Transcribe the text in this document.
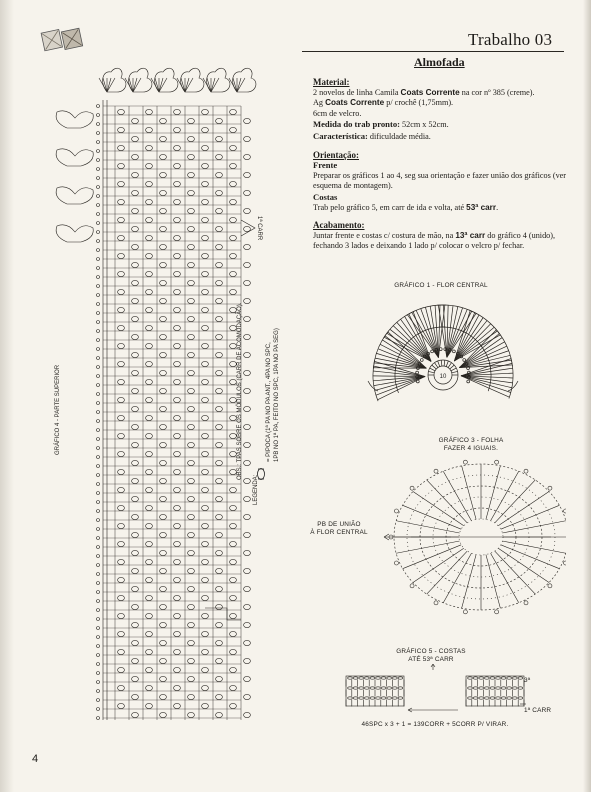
Trabalho 03
Almofada

Material:

2 novelos de linha Camila Coats Corrente na cor nº 385 (creme).

Ag Coats Corrente p/ crochê (1,75mm).

6cm de velcro.

Medida do trab pronto: 52cm x 52cm.

Característica: dificuldade média.

Orientação:

Frente

Preparar os gráficos 1 ao 4, seg sua orientação e fazer união dos gráficos (ver esquema de montagem).

Costas

Trab pelo gráfico 5, em carr de ida e volta, até 53ª carr.

Acabamento:

Juntar frente e costas c/ costura de mão, na 13ª carr do gráfico 4 (unido), fechando 3 lados e deixando 1 lado p/ colocar o velcro p/ fechar.

GRÁFICO 1 - FLOR CENTRAL
10
GRÁFICO 3 - FOLHA
FAZER 4 IGUAIS.
PB DE UNIÃO
À FLOR CENTRAL
GRÁFICO 5 - COSTAS
ATÉ 53ª CARR
3ª
1ª CARR
46SPC x 3 + 1 = 139CORR + 5CORR P/ VIRAR.
GRÁFICO 4 - PARTE SUPERIOR
1ª CARR
OBS.: TPAS SOBRE OS MÓDULOS (CARR DE ACOMODAÇÃO).
LEGENDA:
= PIPOCA (1ª PA NO PA ANT., 4PA NO SPC, 1PB NO 1ª PA, FEITO NO SPC, 1PA NO PA SEG)
4
